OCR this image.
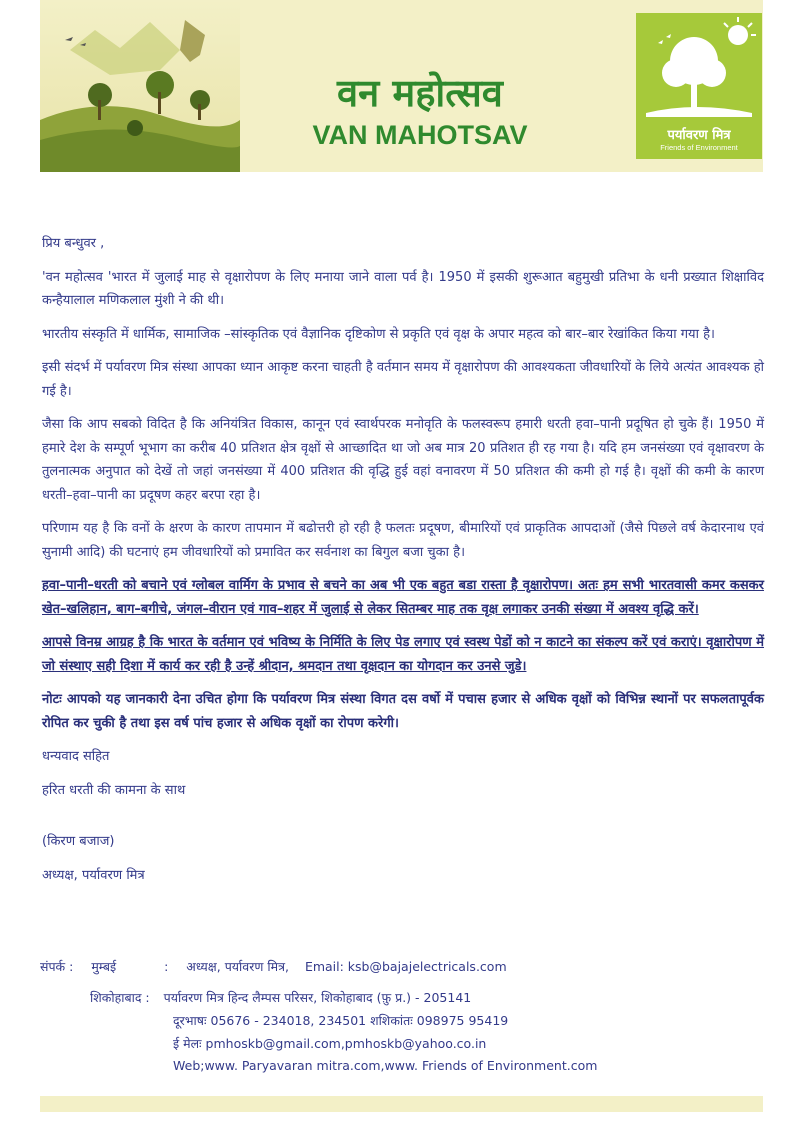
वन महोत्सव
VAN MAHOTSAV	पर्यावरण मित्र
Friends of Environment

प्रिय बन्धुवर ,

'वन महोत्सव 'भारत में जुलाई माह से वृक्षारोपण के लिए मनाया जाने वाला पर्व है। 1950 में इसकी शुरूआत बहुमुखी प्रतिभा के धनी प्रख्यात शिक्षाविद कन्हैयालाल मणिकलाल मुंशी ने की थी।

भारतीय संस्कृति में धार्मिक, सामाजिक –सांस्कृतिक एवं वैज्ञानिक दृष्टिकोण से प्रकृति एवं वृक्ष के अपार महत्व को बार–बार रेखांकित किया गया है।

इसी संदर्भ में पर्यावरण मित्र संस्था आपका ध्यान आकृष्ट करना चाहती है वर्तमान समय में वृक्षारोपण की आवश्यकता जीवधारियों के लिये अत्यंत आवश्यक हो गई है।

जैसा कि आप सबको विदित है कि अनियंत्रित विकास, कानून एवं स्वार्थपरक मनोवृति के फलस्वरूप हमारी धरती हवा–पानी प्रदूषित हो चुके हैं। 1950 में हमारे देश के सम्पूर्ण भूभाग का करीब 40 प्रतिशत क्षेत्र वृक्षों से आच्छादित था जो अब मात्र 20 प्रतिशत ही रह गया है। यदि हम जनसंख्या एवं वृक्षावरण के तुलनात्मक अनुपात को देखें तो जहां जनसंख्या में 400 प्रतिशत की वृद्धि हुई वहां वनावरण में 50 प्रतिशत की कमी हो गई है। वृक्षों की कमी के कारण धरती–हवा–पानी का प्रदूषण कहर बरपा रहा है।

परिणाम यह है कि वनों के क्षरण के कारण तापमान में बढोत्तरी हो रही है फलतः प्रदूषण, बीमारियों एवं प्राकृतिक आपदाओं (जैसे पिछले वर्ष केदारनाथ एवं सुनामी आदि) की घटनाएं हम जीवधारियों को प्रमावित कर सर्वनाश का बिगुल बजा चुका है।

हवा–पानी–धरती को बचाने एवं ग्लोबल वार्मिग के प्रभाव से बचने का अब भी एक बहुत बडा रास्ता है वृक्षारोपण। अतः हम सभी भारतवासी कमर कसकर खेत–खलिहान, बाग–बगीचे, जंगल–वीरान एवं गाव–शहर में जुलाई से लेकर सितम्बर माह तक वृक्ष लगाकर उनकी संख्या में अवश्य वृद्धि करें।

आपसे विनम्र आग्रह है कि भारत के वर्तमान एवं भविष्य के निर्मिति के लिए पेड लगाए एवं स्वस्थ पेडों को न काटने का संकल्प करें एवं कराएं। वृक्षारोपण में जो संस्थाए सही दिशा में कार्य कर रही है उन्हें श्रीदान, श्रमदान तथा वृक्षदान का योगदान कर उनसे जुडे।

नोटः आपको यह जानकारी देना उचित होगा कि पर्यावरण मित्र संस्था विगत दस वर्षो में पचास हजार से अधिक वृक्षों को विभिन्न स्थानों पर सफलतापूर्वक रोपित कर चुकी है तथा इस वर्ष पांच हजार से अधिक वृक्षों का रोपण करेगी।

धन्यवाद सहित

हरित धरती की कामना के साथ

(किरण बजाज)

अध्यक्ष, पर्यावरण मित्र

संपर्क : मुम्बई	: अध्यक्ष, पर्यावरण मित्र, Email: ksb@bajajelectricals.com
शिकोहाबाद : पर्यावरण मित्र हिन्द लैम्पस परिसर, शिकोहाबाद (फ़ु प्र.) - 205141
दूरभाषः 05676 - 234018, 234501 शशिकांतः 098975 95419
ई मेलः pmhoskb@gmail.com,pmhoskb@yahoo.co.in
Web;www. Paryavaran mitra.com,www. Friends of Environment.com
